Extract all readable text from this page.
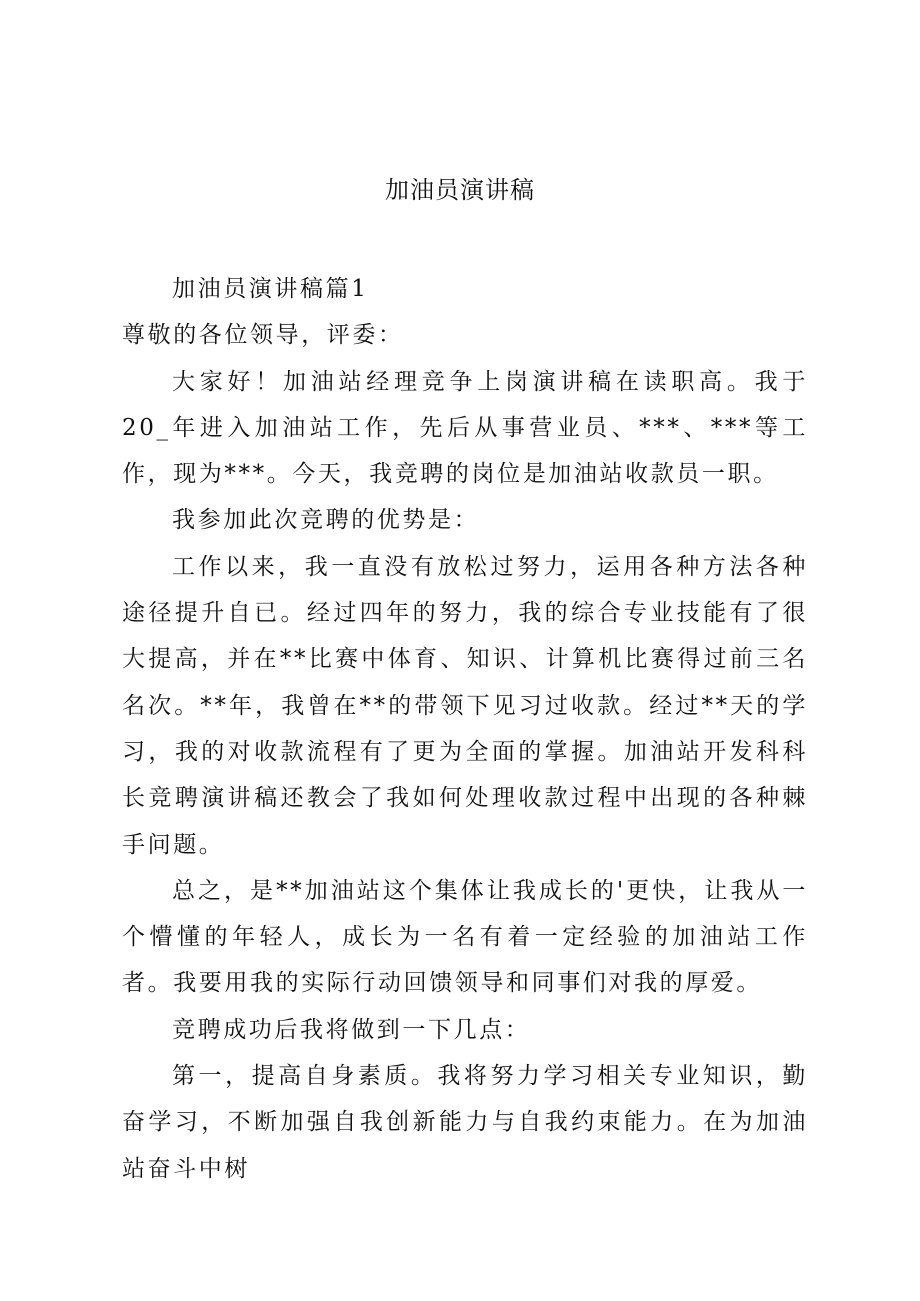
加油员演讲稿

加油员演讲稿篇1

尊敬的各位领导，评委：

大家好！加油站经理竞争上岗演讲稿在读职高。我于20_年进入加油站工作，先后从事营业员、***、***等工作，现为***。今天，我竞聘的岗位是加油站收款员一职。

我参加此次竞聘的优势是：

工作以来，我一直没有放松过努力，运用各种方法各种途径提升自已。经过四年的努力，我的综合专业技能有了很大提高，并在**比赛中体育、知识、计算机比赛得过前三名名次。**年，我曾在**的带领下见习过收款。经过**天的学习，我的对收款流程有了更为全面的掌握。加油站开发科科长竞聘演讲稿还教会了我如何处理收款过程中出现的各种棘手问题。

总之，是**加油站这个集体让我成长的'更快，让我从一个懵懂的年轻人，成长为一名有着一定经验的加油站工作者。我要用我的实际行动回馈领导和同事们对我的厚爱。

竞聘成功后我将做到一下几点：

第一，提高自身素质。我将努力学习相关专业知识，勤奋学习，不断加强自我创新能力与自我约束能力。在为加油站奋斗中树
